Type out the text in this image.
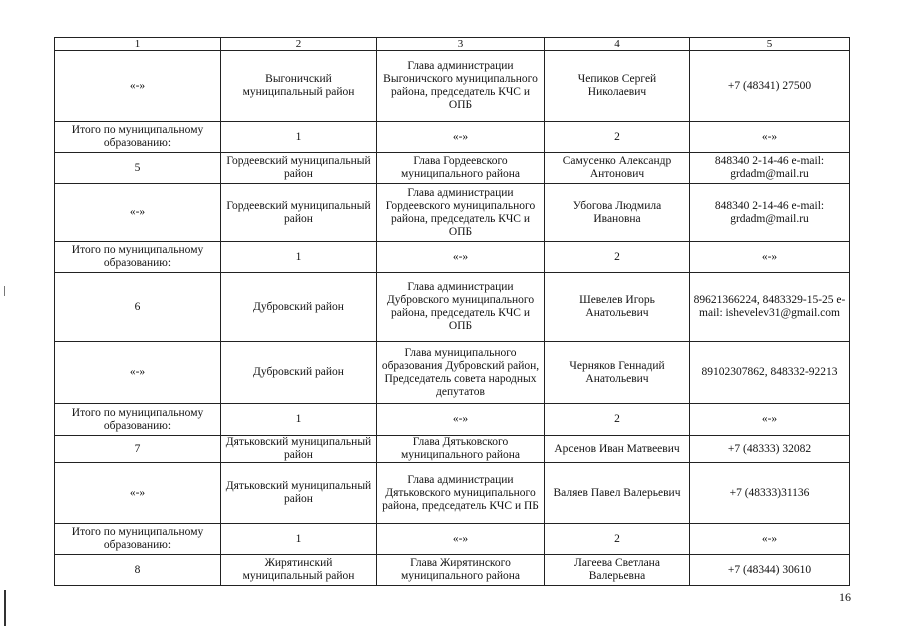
1	2	3	4	5
«-»	Выгоничский муниципальный район	Глава администрации Выгоничского муниципального района, председатель КЧС и ОПБ	Чепиков Сергей Николаевич	+7 (48341) 27500
Итого по муниципальному образованию:	1	«-»	2	«-»
5	Гордеевский муниципальный район	Глава Гордеевского муниципального района	Самусенко Александр Антонович	848340 2-14-46 e-mail: grdadm@mail.ru
«-»	Гордеевский муниципальный район	Глава администрации Гордеевского муниципального района, председатель КЧС и ОПБ	Убогова Людмила Ивановна	848340 2-14-46 e-mail: grdadm@mail.ru
Итого по муниципальному образованию:	1	«-»	2	«-»
6	Дубровский район	Глава администрации Дубровского муниципального района, председатель КЧС и ОПБ	Шевелев Игорь Анатольевич	89621366224, 8483329-15-25 e-mail: ishevelev31@gmail.com
«-»	Дубровский район	Глава муниципального образования Дубровский район, Председатель совета народных депутатов	Черняков Геннадий Анатольевич	89102307862, 848332-92213
Итого по муниципальному образованию:	1	«-»	2	«-»
7	Дятьковский муниципальный район	Глава Дятьковского муниципального района	Арсенов Иван Матвеевич	+7 (48333) 32082
«-»	Дятьковский муниципальный район	Глава администрации Дятьковского муниципального района, председатель КЧС и ПБ	Валяев Павел Валерьевич	+7 (48333)31136
Итого по муниципальному образованию:	1	«-»	2	«-»
8	Жирятинский муниципальный район	Глава Жирятинского муниципального района	Лагеева Светлана Валерьевна	+7 (48344) 30610
16
